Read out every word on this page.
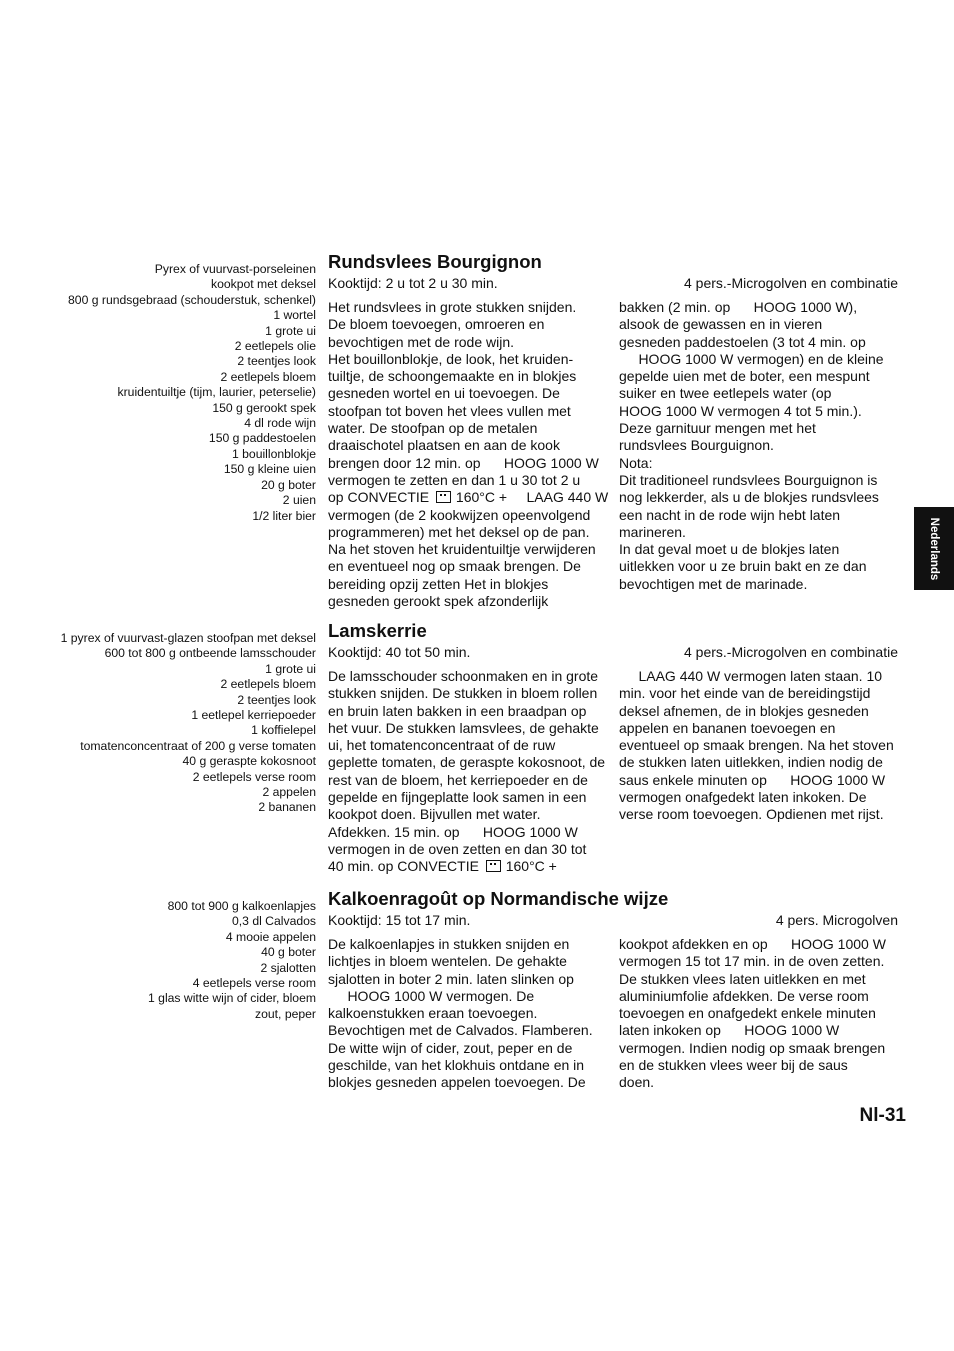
Pyrex of vuurvast-porseleinen
kookpot met deksel
800 g rundsgebraad (schouderstuk, schenkel)
1 wortel
1 grote ui
2 eetlepels olie
2 teentjes look
2 eetlepels bloem
kruidentuiltje (tijm, laurier, peterselie)
150 g gerookt spek
4 dl rode wijn
150 g paddestoelen
1 bouillonblokje
150 g kleine uien
20 g boter
2 uien
1/2 liter bier
Rundsvlees Bourgignon
Kooktijd: 2 u tot 2 u 30 min.	4 pers.-Microgolven en combinatie

Het rundsvlees in grote stukken snijden.

De bloem toevoegen, omroeren en

bevochtigen met de rode wijn.

Het bouillonblokje, de look, het kruiden-

tuiltje, de schoongemaakte en in blokjes

gesneden wortel en ui toevoegen. De

stoofpan tot boven het vlees vullen met

water. De stoofpan op de metalen

draaischotel plaatsen en aan de kook

brengen door 12 min. op      HOOG 1000 W

vermogen te zetten en dan 1 u 30 tot 2 u

op CONVECTIE  160°C +     LAAG 440 W

vermogen (de 2 kookwijzen opeenvolgend

programmeren) met het deksel op de pan.

Na het stoven het kruidentuiltje verwijderen

en eventueel nog op smaak brengen. De

bereiding opzij zetten Het in blokjes

gesneden gerookt spek afzonderlijk

bakken (2 min. op      HOOG 1000 W),

alsook de gewassen en in vieren

gesneden paddestoelen (3 tot 4 min. op

HOOG 1000 W vermogen) en de kleine

gepelde uien met de boter, een mespunt

suiker en twee eetlepels water (op

HOOG 1000 W vermogen 4 tot 5 min.).

Deze garnituur mengen met het

rundsvlees Bourguignon.

Nota:

Dit traditioneel rundsvlees Bourguignon is

nog lekkerder, als u de blokjes rundsvlees

een nacht in de rode wijn hebt laten

marineren.

In dat geval moet u de blokjes laten

uitlekken voor u ze bruin bakt en ze dan

bevochtigen met de marinade.

1 pyrex of vuurvast-glazen stoofpan met deksel
600 tot 800 g ontbeende lamsschouder
1 grote ui
2 eetlepels bloem
2 teentjes look
1 eetlepel kerriepoeder
1 koffielepel
tomatenconcentraat of 200 g verse tomaten
40 g geraspte kokosnoot
2 eetlepels verse room
2 appelen
2 bananen
Lamskerrie
Kooktijd: 40 tot 50 min.	4 pers.-Microgolven en combinatie

De lamsschouder schoonmaken en in grote

stukken snijden. De stukken in bloem rollen

en bruin laten bakken in een braadpan op

het vuur. De stukken lamsvlees, de gehakte

ui, het tomatenconcentraat of de ruw

geplette tomaten, de geraspte kokosnoot, de

rest van de bloem, het kerriepoeder en de

gepelde en fijngeplatte look samen in een

kookpot doen. Bijvullen met water.

Afdekken. 15 min. op      HOOG 1000 W

vermogen in de oven zetten en dan 30 tot

40 min. op CONVECTIE  160°C +

LAAG 440 W vermogen laten staan. 10

min. voor het einde van de bereidingstijd

deksel afnemen, de in blokjes gesneden

appelen en bananen toevoegen en

eventueel op smaak brengen. Na het stoven

de stukken laten uitlekken, indien nodig de

saus enkele minuten op      HOOG 1000 W

vermogen onafgedekt laten inkoken. De

verse room toevoegen. Opdienen met rijst.

800 tot 900 g kalkoenlapjes
0,3 dl Calvados
4 mooie appelen
40 g boter
2 sjalotten
4 eetlepels verse room
1 glas witte wijn of cider, bloem
zout, peper
Kalkoenragoût op Normandische wijze
Kooktijd: 15 tot 17 min.	4 pers. Microgolven

De kalkoenlapjes in stukken snijden en

lichtjes in bloem wentelen. De gehakte

sjalotten in boter 2 min. laten slinken op

HOOG 1000 W vermogen. De

kalkoenstukken eraan toevoegen.

Bevochtigen met de Calvados. Flamberen.

De witte wijn of cider, zout, peper en de

geschilde, van het klokhuis ontdane en in

blokjes gesneden appelen toevoegen. De

kookpot afdekken en op      HOOG 1000 W

vermogen 15 tot 17 min. in de oven zetten.

De stukken vlees laten uitlekken en met

aluminiumfolie afdekken. De verse room

toevoegen en onafgedekt enkele minuten

laten inkoken op      HOOG 1000 W

vermogen. Indien nodig op smaak brengen

en de stukken vlees weer bij de saus

doen.

Nederlands
Nl-31
